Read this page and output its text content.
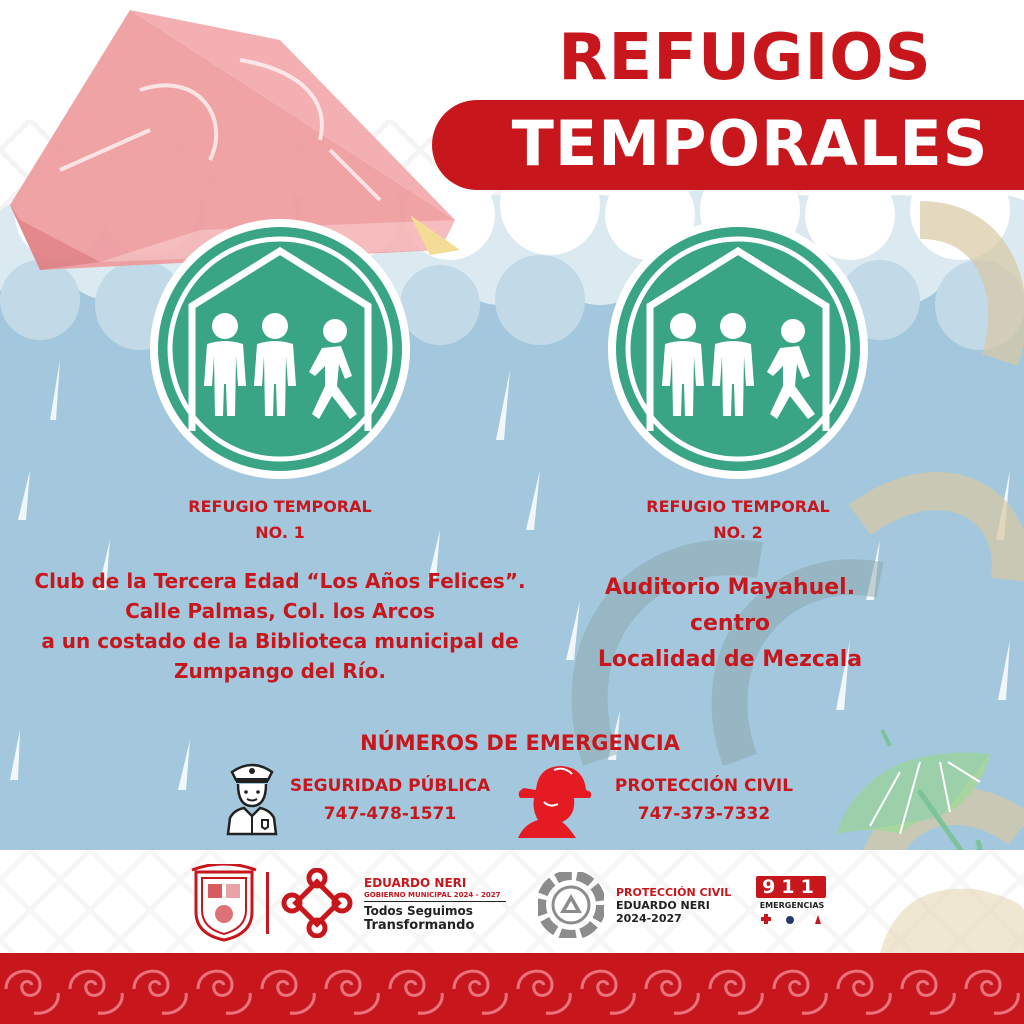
REFUGIOS
TEMPORALES
REFUGIO TEMPORAL
NO. 1
Club de la Tercera Edad “Los Años Felices”.
Calle Palmas, Col. los Arcos
a un costado de la Biblioteca municipal de
Zumpango del Río.
REFUGIO TEMPORAL
NO. 2
Auditorio Mayahuel.
centro
Localidad de Mezcala
NÚMEROS DE EMERGENCIA
SEGURIDAD PÚBLICA
747-478-1571
PROTECCIÓN CIVIL
747-373-7332
EDUARDO NERI
GOBIERNO MUNICIPAL 2024 - 2027
Todos Seguimos
Transformando
PROTECCIÓN CIVIL
EDUARDO NERI
2024-2027
911
EMERGENCIAS
